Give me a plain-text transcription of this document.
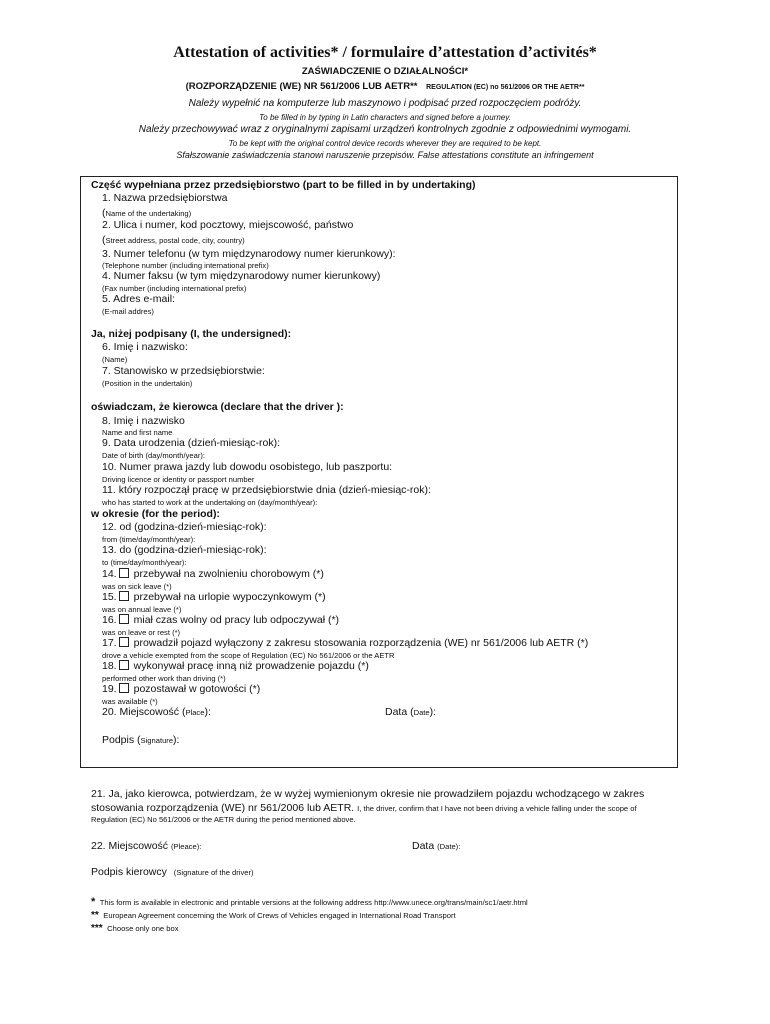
Attestation of activities* / formulaire d’attestation d’activités*
ZAŚWIADCZENIE O DZIAŁALNOŚCI*
(ROZPORZĄDZENIE (WE) NR 561/2006 LUB AETR** REGULATION (EC) no 561/2006 OR THE AETR**
Należy wypełnić na komputerze lub maszynowo i podpisać przed rozpoczęciem podróży.
To be filled in by typing in Latin characters and signed before a journey.
Należy przechowywać wraz z oryginalnymi zapisami urządzeń kontrolnych zgodnie z odpowiednimi wymogami.
To be kept with the original control device records wherever they are required to be kept.
Sfałszowanie zaświadczenia stanowi naruszenie przepisów. False attestations constitute an infringement
Część wypełniana przez przedsiębiorstwo (part to be filled in by undertaking)
1. Nazwa przedsiębiorstwa
(Name of the undertaking)
2. Ulica i numer, kod pocztowy, miejscowość, państwo
(Street address, postal code, city, country)
3. Numer telefonu (w tym międzynarodowy numer kierunkowy):
(Telephone number (including international prefix)
4. Numer faksu (w tym międzynarodowy numer kierunkowy)
(Fax number (including international prefix)
5. Adres e-mail:
(E-mail addres)
Ja, niżej podpisany (I, the undersigned):
6. Imię i nazwisko:
(Name)
7. Stanowisko w przedsiębiorstwie:
(Position in the undertakin)
oświadczam, że kierowca (declare that the driver ):
8. Imię i nazwisko
Name and first name
9. Data urodzenia (dzień-miesiąc-rok):
Date of birth (day/month/year):
10. Numer prawa jazdy lub dowodu osobistego, lub paszportu:
Driving licence or identity or passport number
11. który rozpoczął pracę w przedsiębiorstwie dnia (dzień-miesiąc-rok):
who has started to work at the undertaking on (day/month/year):
w okresie (for the period):
12. od (godzina-dzień-miesiąc-rok):
from (time/day/month/year):
13. do (godzina-dzień-miesiąc-rok):
to (time/day/month/year):
14. przebywał na zwolnieniu chorobowym (*)
was on sick leave (*)
15. przebywał na urlopie wypoczynkowym (*)
was on annual leave (*)
16. miał czas wolny od pracy lub odpoczywał (*)
was on leave or rest (*)
17. prowadził pojazd wyłączony z zakresu stosowania rozporządzenia (WE) nr 561/2006 lub AETR (*)
drove a vehicle exempted from the scope of Regulation (EC) No 561/2006 or the AETR
18. wykonywał pracę inną niż prowadzenie pojazdu (*)
performed other work than driving (*)
19. pozostawał w gotowości (*)
was available (*)
20. Miejscowość (Place):	Data (Date):
Podpis (Signature):
21. Ja, jako kierowca, potwierdzam, że w wyżej wymienionym okresie nie prowadziłem pojazdu wchodzącego w zakres
stosowania rozporządzenia (WE) nr 561/2006 lub AETR. I, the driver, confirm that I have not been driving a vehicle falling under the scope of
Regulation (EC) No 561/2006 or the AETR during the period mentioned above.
22. Miejscowość (Pleace):	Data (Date):
Podpis kierowcy (Signature of the driver)
* This form is available in electronic and printable versions at the following address http://www.unece.org/trans/main/sc1/aetr.html
** European Agreement concerning the Work of Crews of Vehicles engaged in International Road Transport
*** Choose only one box
